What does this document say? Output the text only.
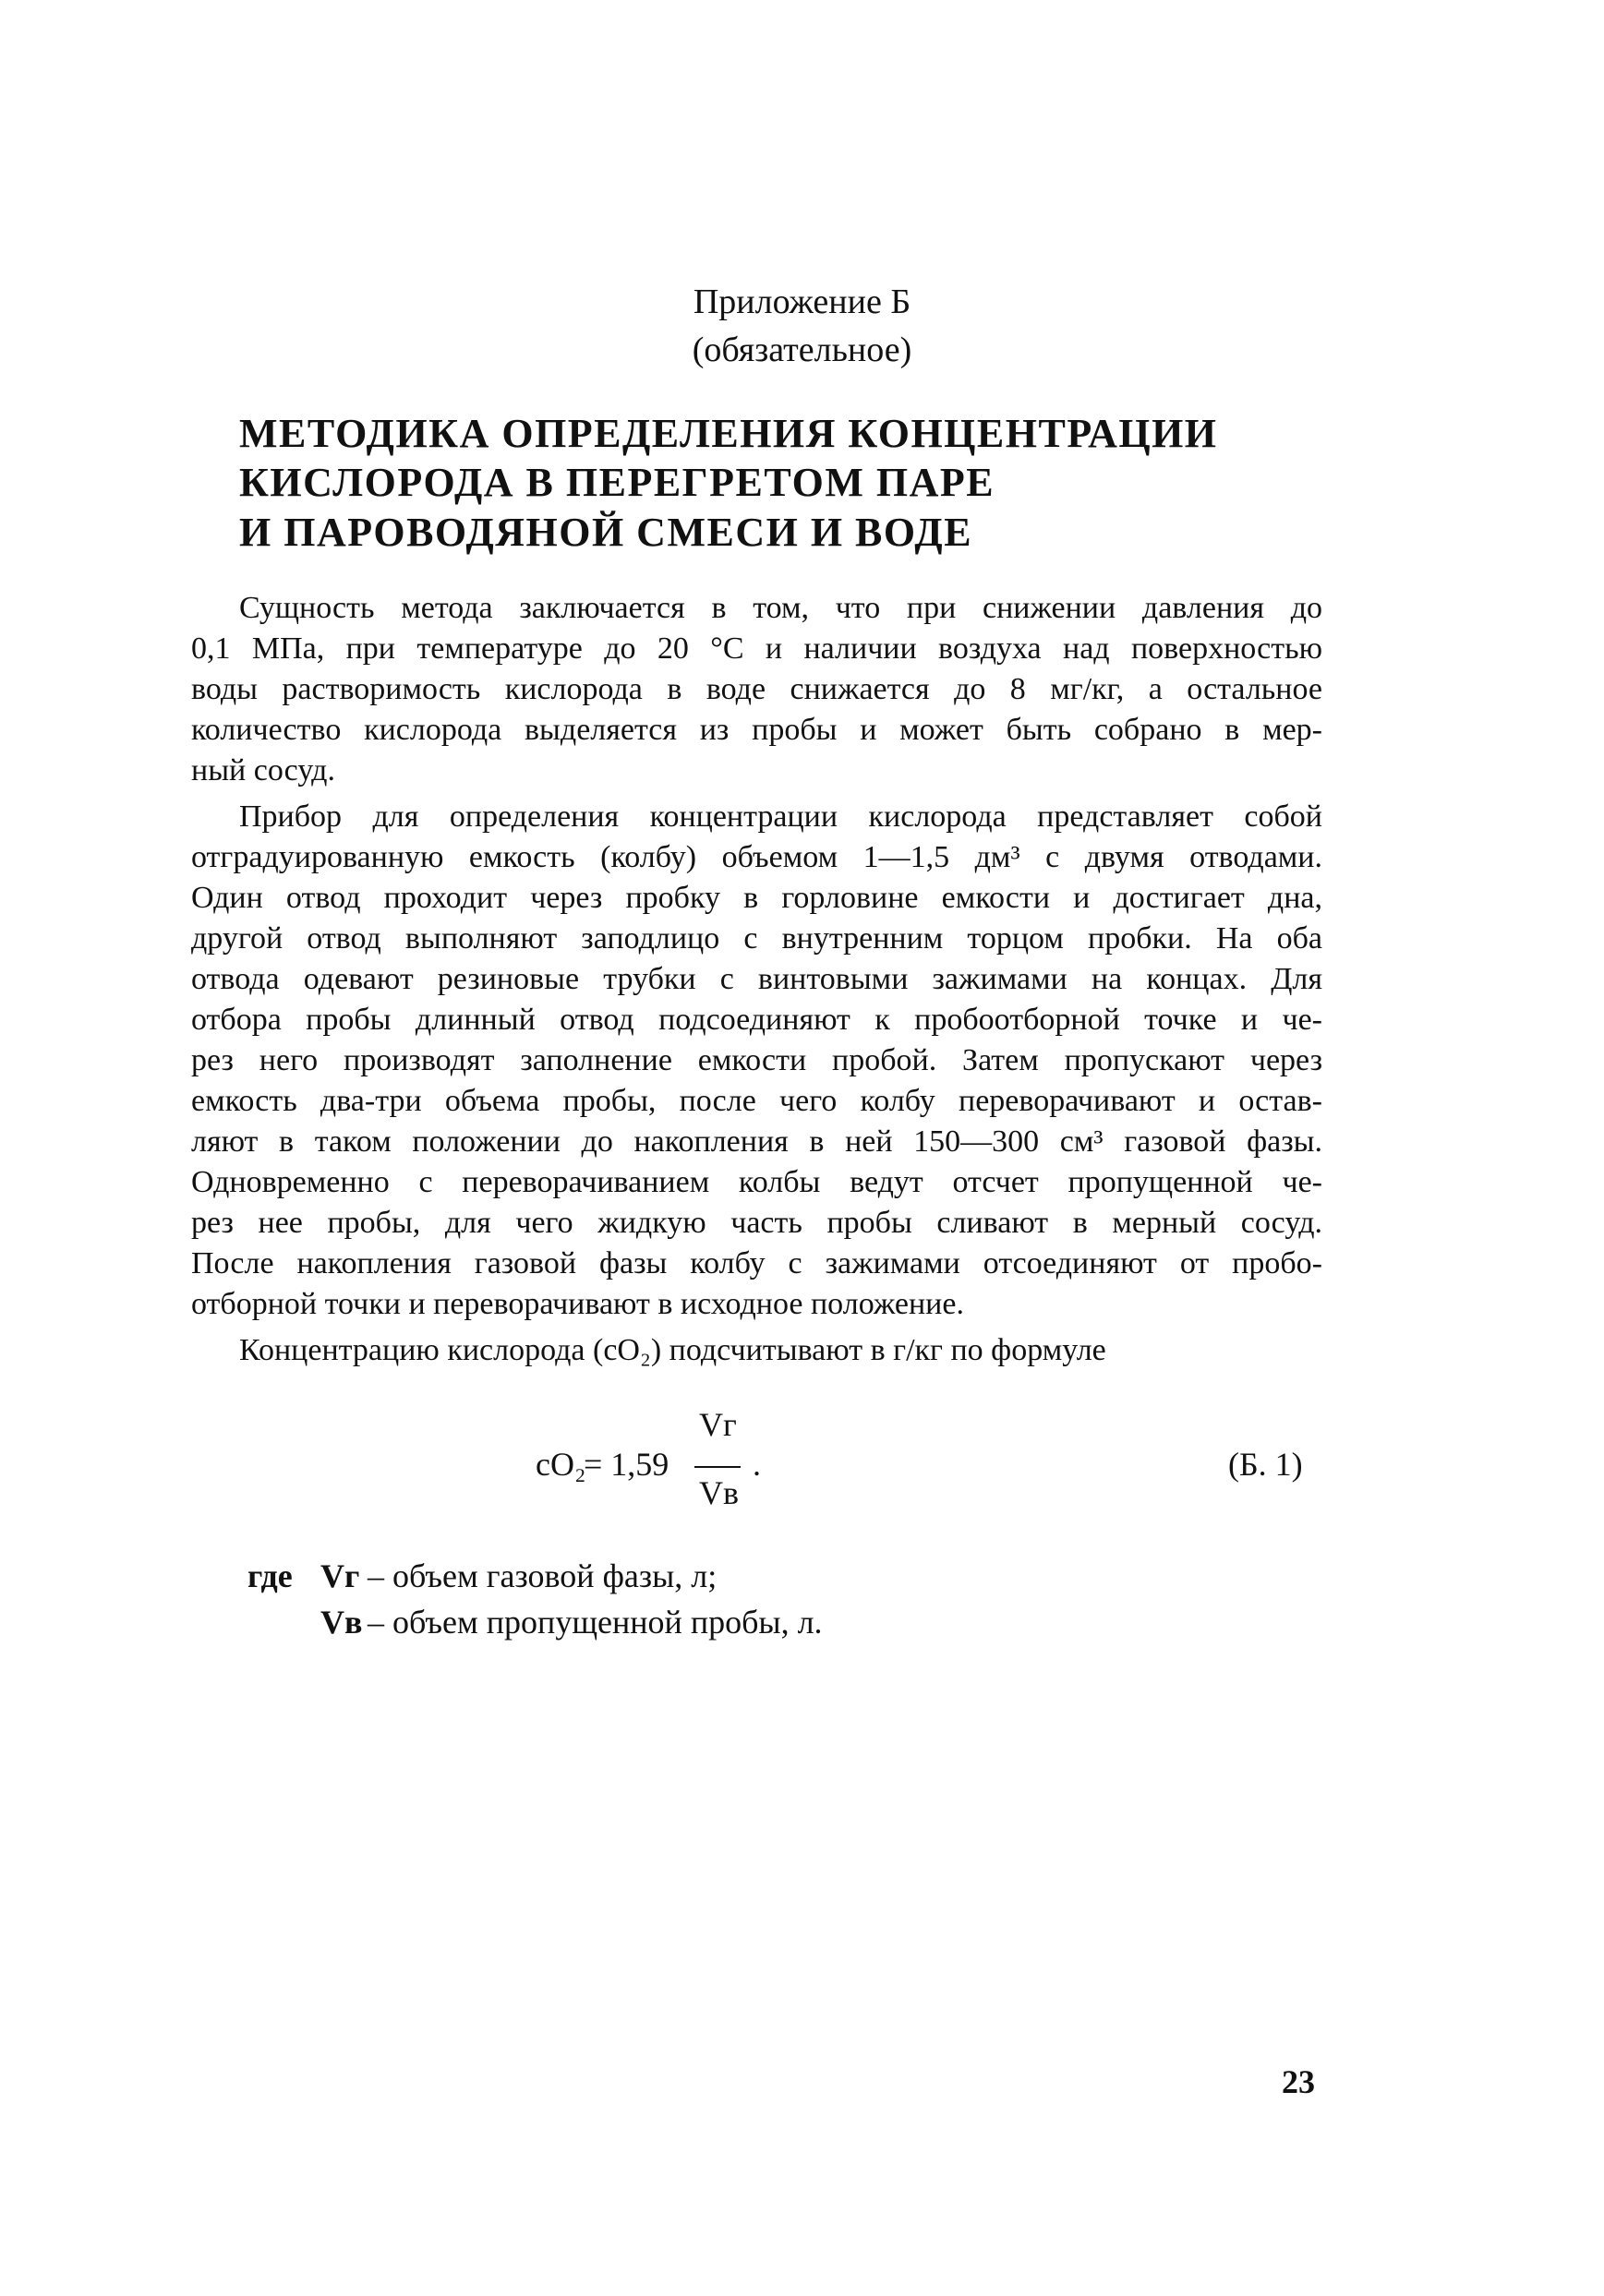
Приложение Б
(обязательное)
МЕТОДИКА ОПРЕДЕЛЕНИЯ КОНЦЕНТРАЦИИ
КИСЛОРОДА В ПЕРЕГРЕТОМ ПАРЕ
И ПАРОВОДЯНОЙ СМЕСИ И ВОДЕ
Сущность метода заключается в том, что при снижении давления до
0,1 МПа, при температуре до 20 °С и наличии воздуха над поверхностью
воды растворимость кислорода в воде снижается до 8 мг/кг, а остальное
количество кислорода выделяется из пробы и может быть собрано в мер-
ный сосуд.
Прибор для определения концентрации кислорода представляет собой
отградуированную емкость (колбу) объемом 1—1,5 дм³ с двумя отводами.
Один отвод проходит через пробку в горловине емкости и достигает дна,
другой отвод выполняют заподлицо с внутренним торцом пробки. На оба
отвода одевают резиновые трубки с винтовыми зажимами на концах. Для
отбора пробы длинный отвод подсоединяют к пробоотборной точке и че-
рез него производят заполнение емкости пробой. Затем пропускают через
емкость два-три объема пробы, после чего колбу переворачивают и остав-
ляют в таком положении до накопления в ней 150—300 см³ газовой фазы.
Одновременно с переворачиванием колбы ведут отсчет пропущенной че-
рез нее пробы, для чего жидкую часть пробы сливают в мерный сосуд.
После накопления газовой фазы колбу с зажимами отсоединяют от пробо-
отборной точки и переворачивают в исходное положение.
Концентрацию кислорода (cO₂) подсчитывают в г/кг по формуле
cO₂
= 1,59
Vг
Vв
.	(Б. 1)
где Vг – объем газовой фазы, л;
Vв – объем пропущенной пробы, л.
23
